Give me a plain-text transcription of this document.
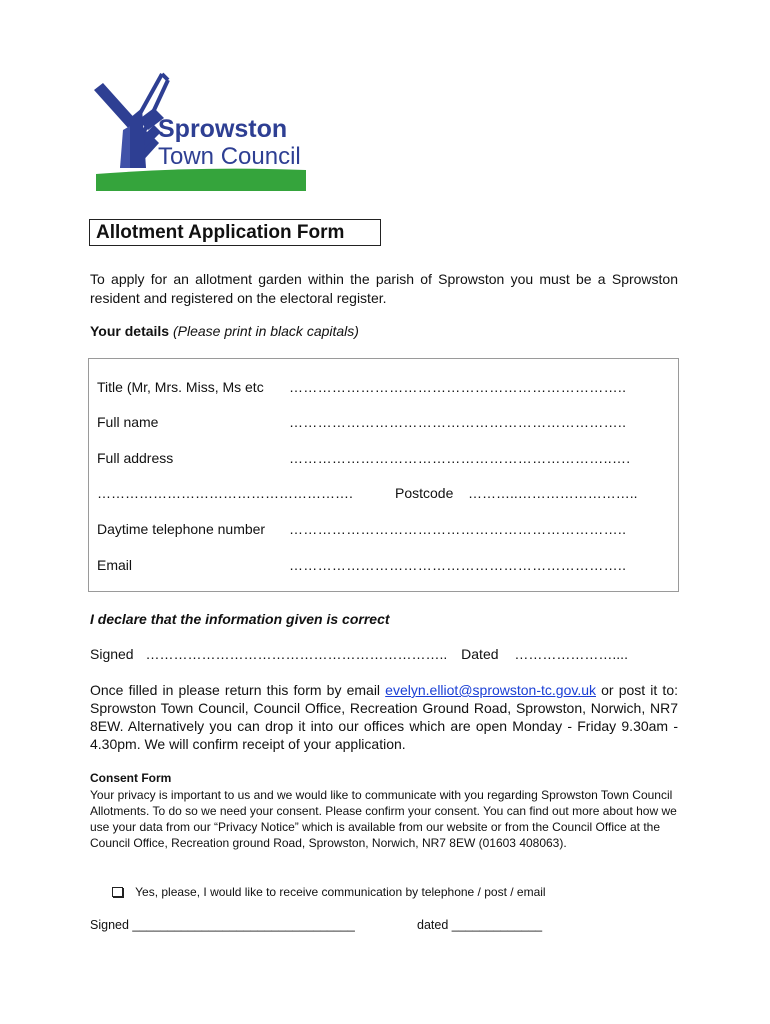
Sprowston
Town Council
Allotment Application Form

To apply for an allotment garden within the parish of Sprowston you must be a Sprowston resident and registered on the electoral register.

Your details (Please print in black capitals)
Title (Mr, Mrs. Miss, Ms etc ……………………………………………………………..
Full name	……………………………………………………………..
Full address	…………………………………………………………..….
……………………………………………….	Postcode ………..……………………..
Daytime telephone number ……………………………………………………………..
Email	……………………………………………………………..
I declare that the information given is correct
Signed ……………………………………………………….. Dated …………………....

Once filled in please return this form by email evelyn.elliot@sprowston-tc.gov.uk or post it to: Sprowston Town Council, Council Office, Recreation Ground Road, Sprowston, Norwich, NR7 8EW. Alternatively you can drop it into our offices which are open Monday - Friday 9.30am - 4.30pm. We will confirm receipt of your application.

Consent Form

Your privacy is important to us and we would like to communicate with you regarding Sprowston Town Council Allotments. To do so we need your consent. Please confirm your consent. You can find out more about how we use your data from our “Privacy Notice” which is available from our website or from the Council Office at the Council Office, Recreation ground Road, Sprowston, Norwich, NR7 8EW (01603 408063).

Yes, please, I would like to receive communication by telephone / post / email
Signed ________________________________	dated _____________
